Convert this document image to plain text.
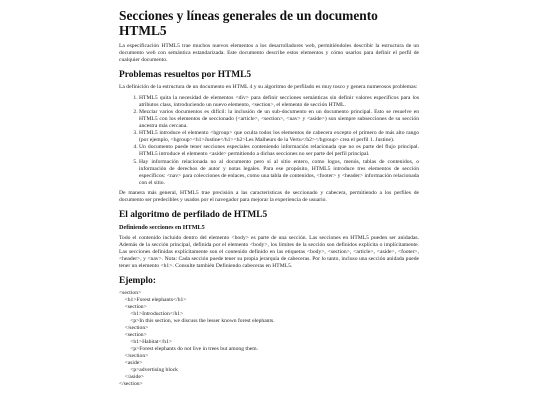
Secciones y líneas generales de un documento HTML5

La especificación HTML5 trae muchos nuevos elementos a los desarrolladores web, permitiéndoles describir la estructura de un documento web con semántica estandarizada. Este documento describe estos elementos y cómo usarlos para definir el perfil de cualquier documento.

Problemas resueltos por HTML5

La definición de la estructura de un documento en HTML 4 y su algoritmo de perfilado es muy tosco y genera numerosos problemas:

1. HTML5 quita la necesidad de elementos <div> para definir secciones semánticas sin definir valores específicos para los atributos class, introduciendo un nuevo elemento, <section>, el elemento de sección HTML.
2. Mezclar varios documentos es difícil: la inclusión de un sub-documento en un documento principal. Esto se resuelve en HTML5 con los elementos de seccionado (<article>, <section>, <nav> y <aside>) son siempre subsecciones de su sección ancestra más cercana.
3. HTML5 introduce el elemento <hgroup> que oculta todos los elementos de cabecera excepto el primero de más alto rango (por ejemplo, <hgroup><h1>Justine</h1><h2>Les Malheurs de la Vertu</h2></hgroup> crea el perfil 1. Justine).
4. Un documento puede tener secciones especiales conteniendo información relacionada que no es parte del flujo principal. HTML5 introduce el elemento <aside> permitiendo a dichas secciones no ser parte del perfil principal.
5. Hay información relacionada no al documento pero sí al sitio entero, como logos, menús, tablas de contenidos, o información de derechos de autor y notas legales. Para ese propósito, HTML5 introduce tres elementos de sección específicos: <nav> para colecciones de enlaces, como una tabla de contenidos, <footer> y <header> información relacionada con el sitio.

De manera más general, HTML5 trae precisión a las características de seccionado y cabecera, permitiendo a los perfiles de documento ser predecibles y usados por el navegador para mejorar la experiencia de usuario.

El algoritmo de perfilado de HTML5
Definiendo secciones en HTML5

Todo el contenido incluido dentro del elemento <body> es parte de una sección. Las secciones en HTML5 pueden ser anidadas. Además de la sección principal, definida por el elemento <body>, los límites de la sección son definidos explícita o implícitamente. Las secciones definidas explícitamente son el contenido definido en las etiquetas <body>, <section>, <article>, <aside>, <footer>, <header>, y <nav>. Nota: Cada sección puede tener su propia jerarquía de cabeceras. Por lo tanto, incluso una sección anidada puede tener un elemento <h1>. Consulte también Definiendo cabeceras en HTML5.

Ejemplo:
<section>
<h1>Forest elephants</h1>
<section>
<h1>Introduction</h1>
<p>In this section, we discuss the lesser known forest elephants.
</section>
<section>
<h1>Habitat</h1>
<p>Forest elephants do not live in trees but among them.
</section>
<aside>
<p>advertising block
</aside>
</section>
